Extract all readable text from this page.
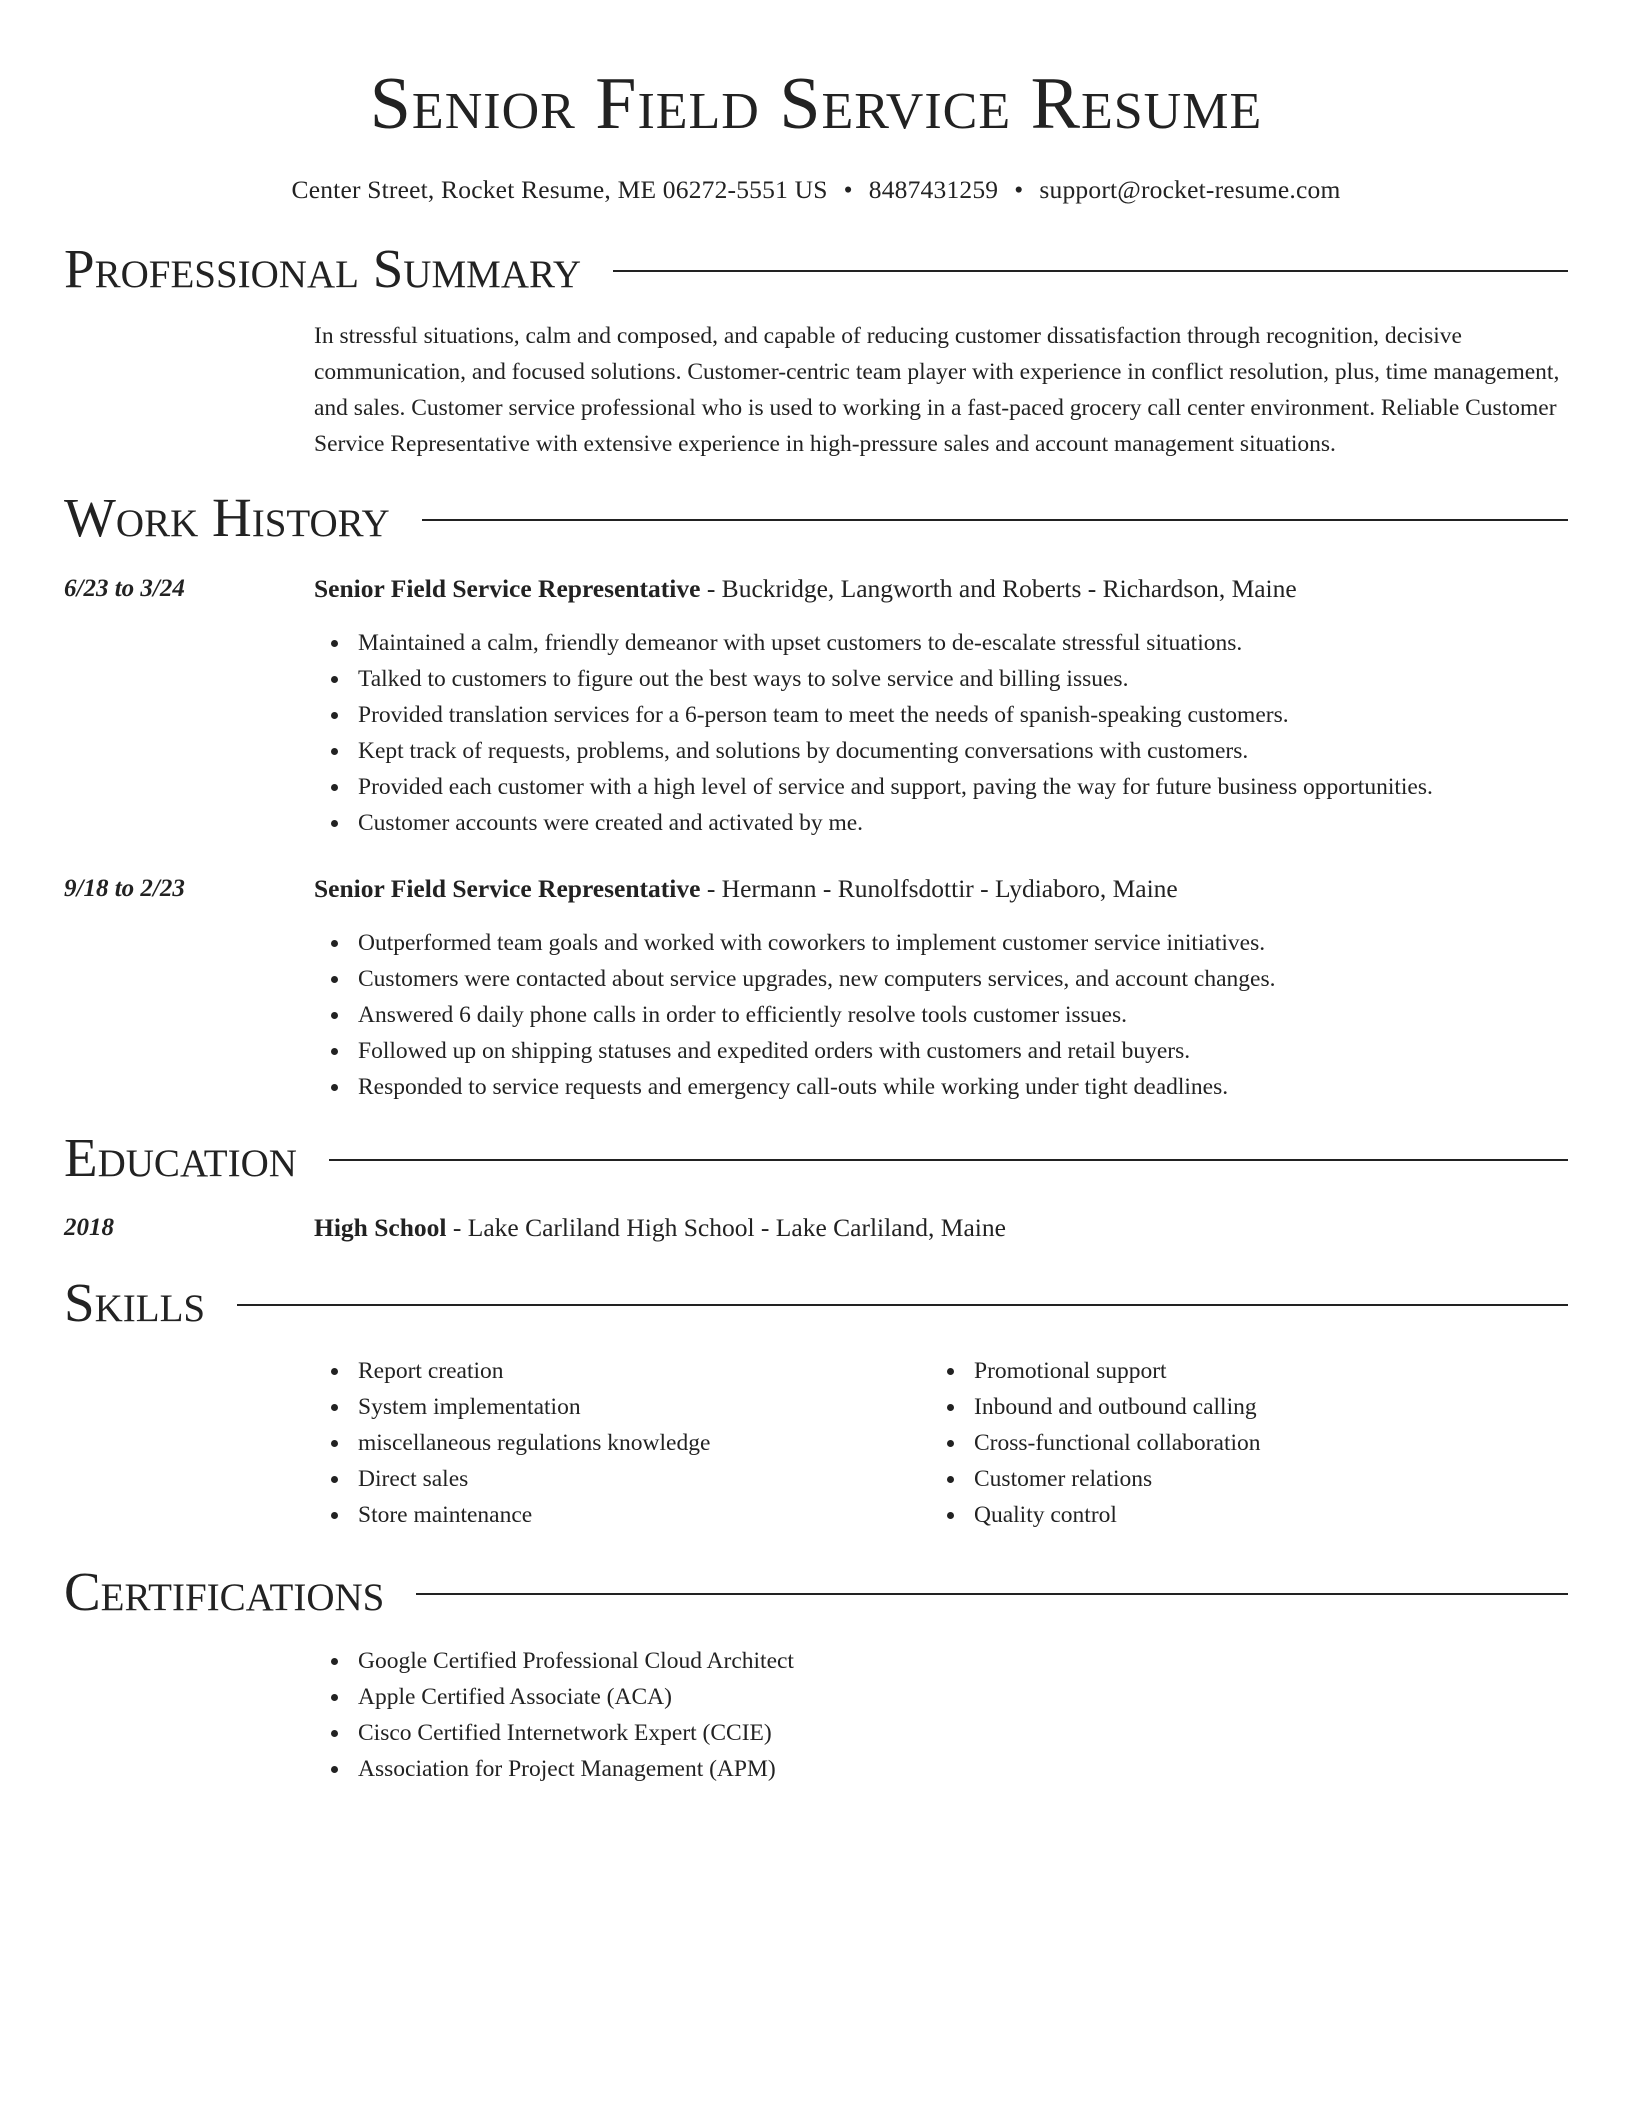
Senior Field Service Resume
Center Street, Rocket Resume, ME 06272-5551 US • 8487431259 • support@rocket-resume.com
Professional Summary
In stressful situations, calm and composed, and capable of reducing customer dissatisfaction through recognition, decisive communication, and focused solutions. Customer-centric team player with experience in conflict resolution, plus, time management, and sales. Customer service professional who is used to working in a fast-paced grocery call center environment. Reliable Customer Service Representative with extensive experience in high-pressure sales and account management situations.
Work History
6/23 to 3/24	Senior Field Service Representative - Buckridge, Langworth and Roberts - Richardson, Maine
Maintained a calm, friendly demeanor with upset customers to de-escalate stressful situations.
Talked to customers to figure out the best ways to solve service and billing issues.
Provided translation services for a 6-person team to meet the needs of spanish-speaking customers.
Kept track of requests, problems, and solutions by documenting conversations with customers.
Provided each customer with a high level of service and support, paving the way for future business opportunities.
Customer accounts were created and activated by me.
9/18 to 2/23	Senior Field Service Representative - Hermann - Runolfsdottir - Lydiaboro, Maine
Outperformed team goals and worked with coworkers to implement customer service initiatives.
Customers were contacted about service upgrades, new computers services, and account changes.
Answered 6 daily phone calls in order to efficiently resolve tools customer issues.
Followed up on shipping statuses and expedited orders with customers and retail buyers.
Responded to service requests and emergency call-outs while working under tight deadlines.
Education
2018	High School - Lake Carliland High School - Lake Carliland, Maine
Skills
Report creation
System implementation
miscellaneous regulations knowledge
Direct sales
Store maintenance
Promotional support
Inbound and outbound calling
Cross-functional collaboration
Customer relations
Quality control
Certifications
Google Certified Professional Cloud Architect
Apple Certified Associate (ACA)
Cisco Certified Internetwork Expert (CCIE)
Association for Project Management (APM)
